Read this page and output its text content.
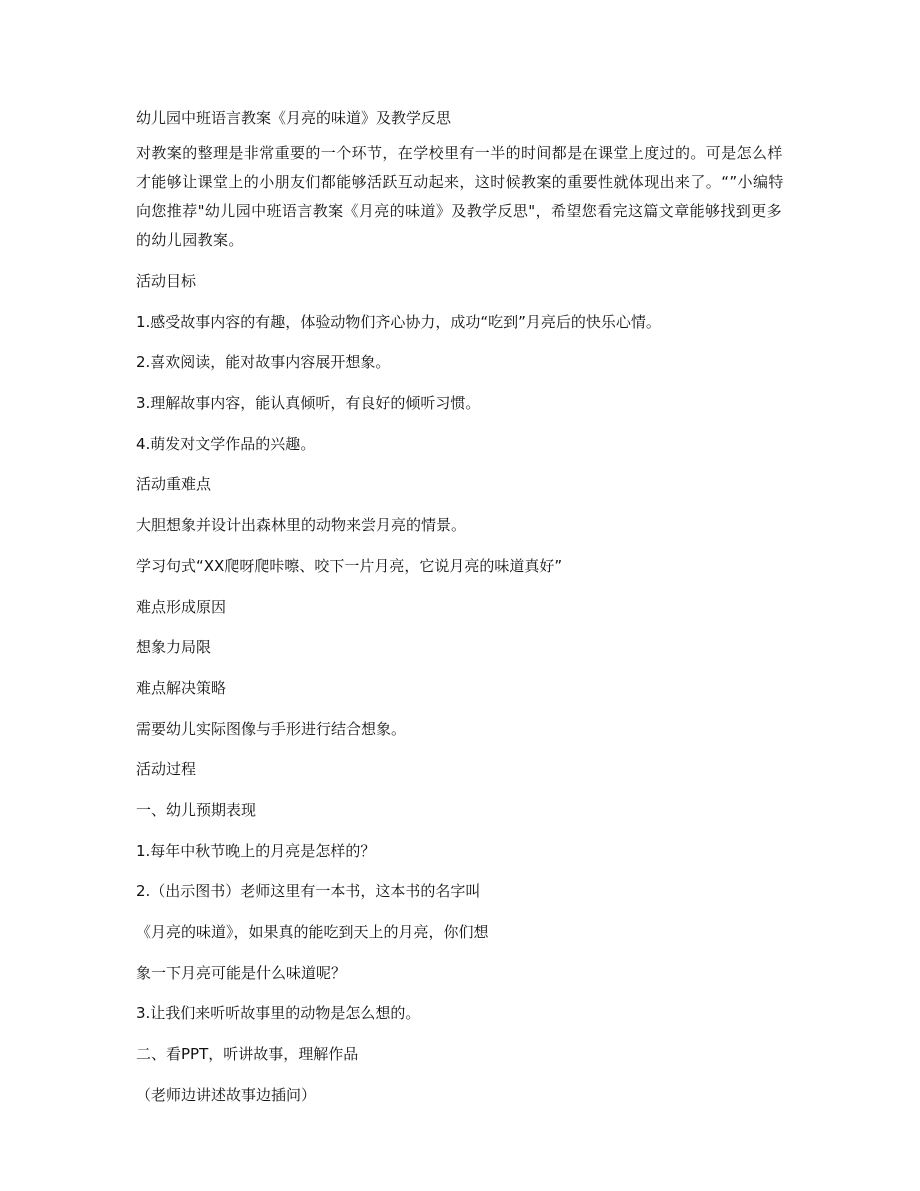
幼儿园中班语言教案《月亮的味道》及教学反思
对教案的整理是非常重要的一个环节，在学校里有一半的时间都是在课堂上度过的。可是怎么样才能够让课堂上的小朋友们都能够活跃互动起来，这时候教案的重要性就体现出来了。“”小编特向您推荐"幼儿园中班语言教案《月亮的味道》及教学反思"，希望您看完这篇文章能够找到更多的幼儿园教案。
活动目标
1.感受故事内容的有趣，体验动物们齐心协力，成功“吃到”月亮后的快乐心情。
2.喜欢阅读，能对故事内容展开想象。
3.理解故事内容，能认真倾听，有良好的倾听习惯。
4.萌发对文学作品的兴趣。
活动重难点
大胆想象并设计出森林里的动物来尝月亮的情景。
学习句式“XX爬呀爬咔嚓、咬下一片月亮，它说月亮的味道真好”
难点形成原因
想象力局限
难点解决策略
需要幼儿实际图像与手形进行结合想象。
活动过程
一、幼儿预期表现
1.每年中秋节晚上的月亮是怎样的？
2.（出示图书）老师这里有一本书，这本书的名字叫
《月亮的味道》，如果真的能吃到天上的月亮，你们想
象一下月亮可能是什么味道呢？
3.让我们来听听故事里的动物是怎么想的。
二、看PPT，听讲故事，理解作品
（老师边讲述故事边插问）
